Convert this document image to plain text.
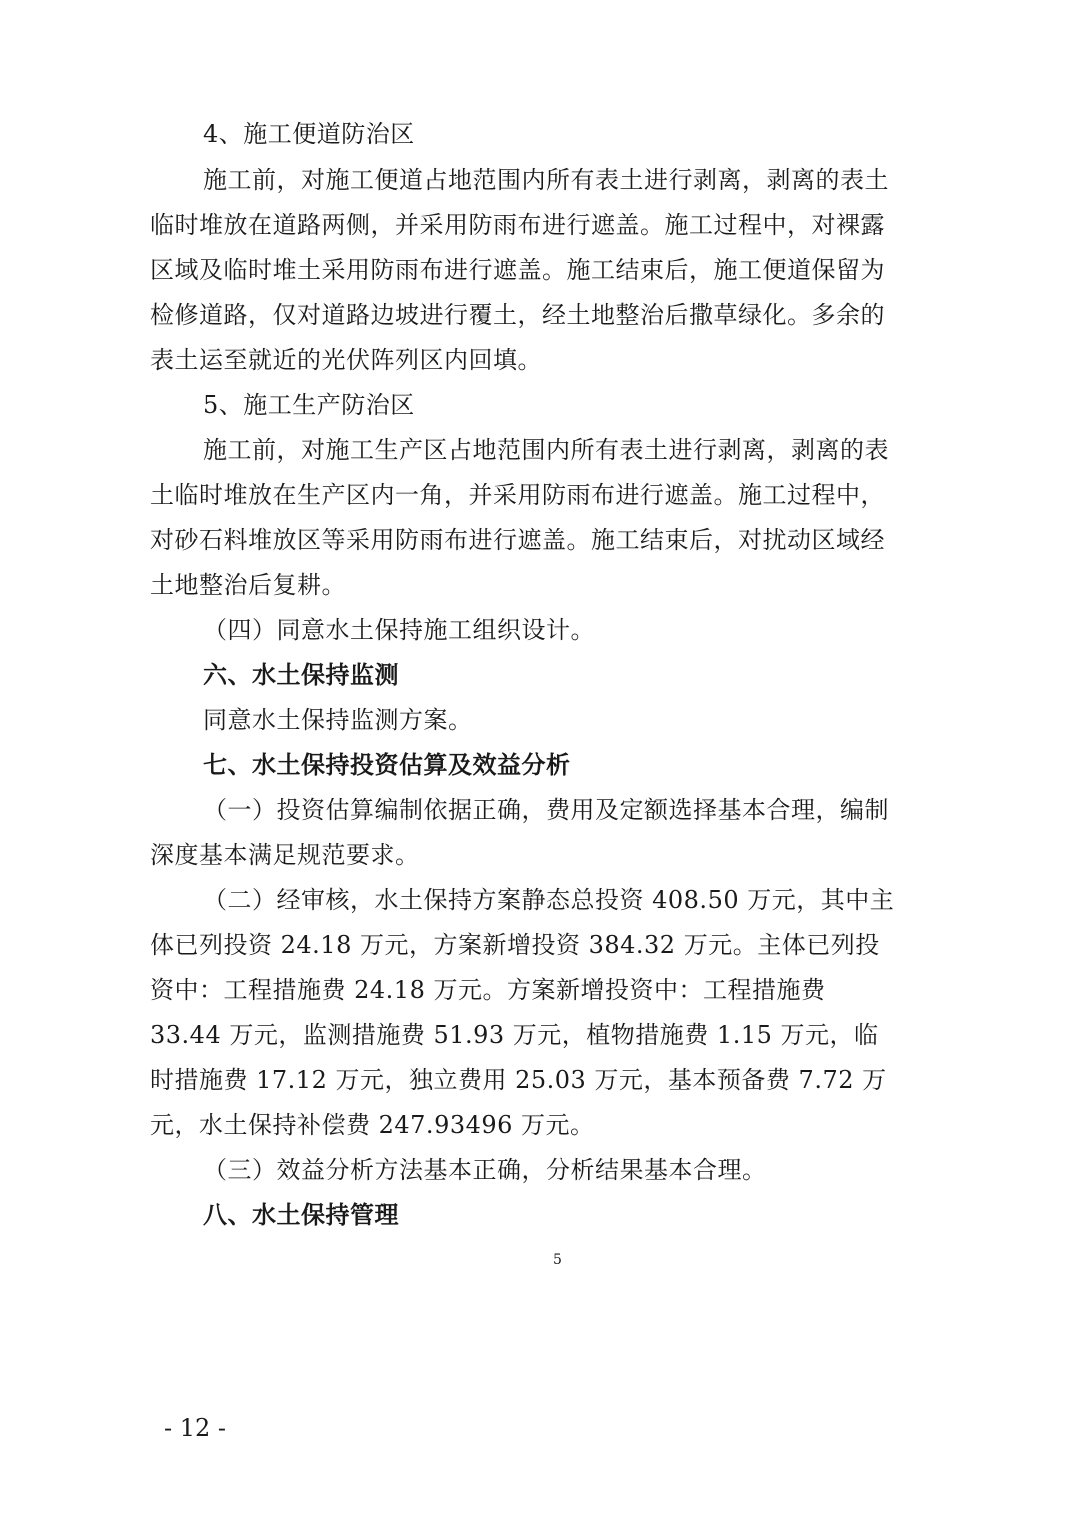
4、施工便道防治区
施工前，对施工便道占地范围内所有表土进行剥离，剥离的表土
临时堆放在道路两侧，并采用防雨布进行遮盖。施工过程中，对裸露
区域及临时堆土采用防雨布进行遮盖。施工结束后，施工便道保留为
检修道路，仅对道路边坡进行覆土，经土地整治后撒草绿化。多余的
表土运至就近的光伏阵列区内回填。
5、施工生产防治区
施工前，对施工生产区占地范围内所有表土进行剥离，剥离的表
土临时堆放在生产区内一角，并采用防雨布进行遮盖。施工过程中，
对砂石料堆放区等采用防雨布进行遮盖。施工结束后，对扰动区域经
土地整治后复耕。
（四）同意水土保持施工组织设计。
六、水土保持监测
同意水土保持监测方案。
七、水土保持投资估算及效益分析
（一）投资估算编制依据正确，费用及定额选择基本合理，编制
深度基本满足规范要求。
（二）经审核，水土保持方案静态总投资 408.50 万元，其中主
体已列投资 24.18 万元，方案新增投资 384.32 万元。主体已列投
资中：工程措施费 24.18 万元。方案新增投资中：工程措施费
33.44 万元，监测措施费 51.93 万元，植物措施费 1.15 万元，临
时措施费 17.12 万元，独立费用 25.03 万元，基本预备费 7.72 万
元，水土保持补偿费 247.93496 万元。
（三）效益分析方法基本正确，分析结果基本合理。
八、水土保持管理
5
- 12 -
